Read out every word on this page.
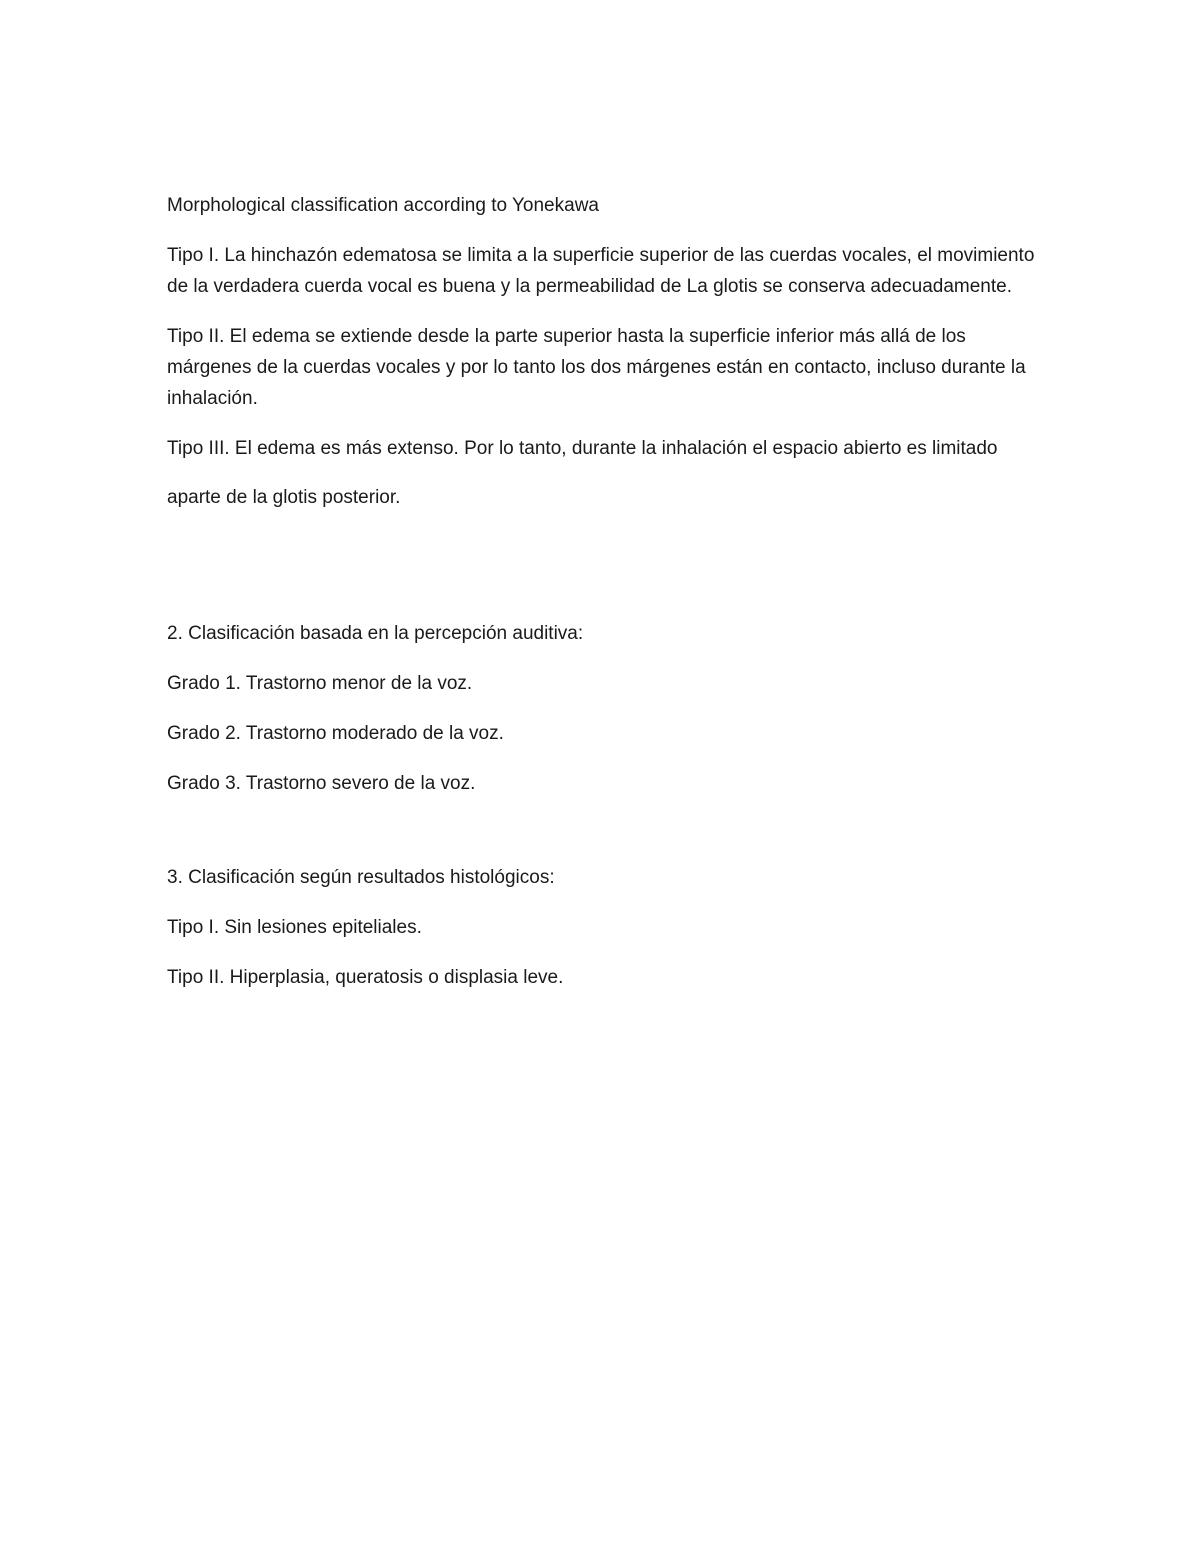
Morphological classification according to Yonekawa

Tipo I. La hinchazón edematosa se limita a la superficie superior de las cuerdas vocales, el movimiento de la verdadera cuerda vocal es buena y la permeabilidad de La glotis se conserva adecuadamente.

Tipo II. El edema se extiende desde la parte superior hasta la superficie inferior más allá de los márgenes de la cuerdas vocales y por lo tanto los dos márgenes están en contacto, incluso durante la inhalación.

Tipo III. El edema es más extenso. Por lo tanto, durante la inhalación el espacio abierto es limitado aparte de la glotis posterior.

2. Clasificación basada en la percepción auditiva:

Grado 1. Trastorno menor de la voz.

Grado 2. Trastorno moderado de la voz.

Grado 3. Trastorno severo de la voz.

3. Clasificación según resultados histológicos:

Tipo I. Sin lesiones epiteliales.

Tipo II. Hiperplasia, queratosis o displasia leve.
